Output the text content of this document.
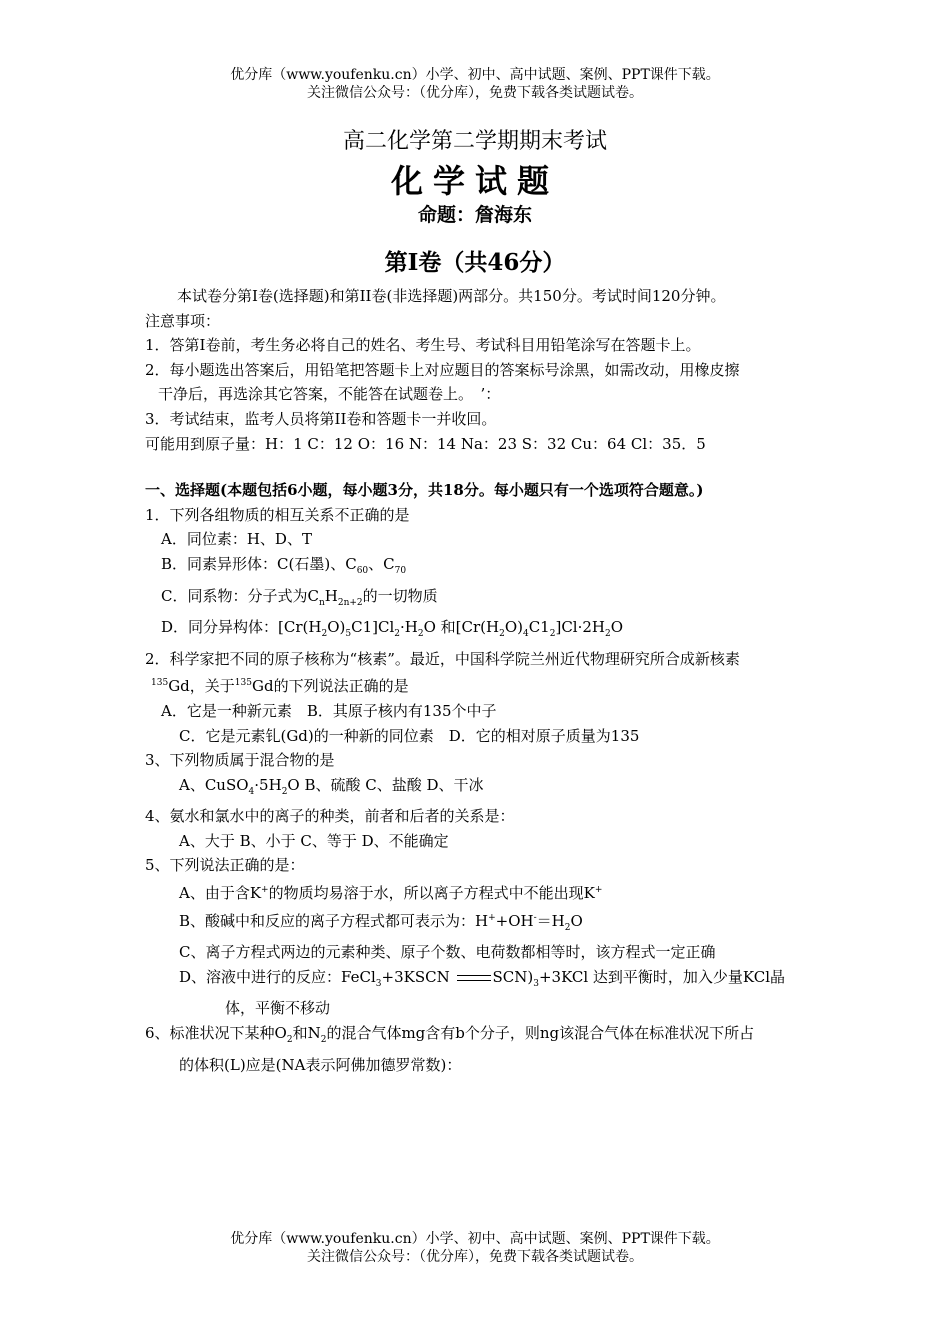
优分库（www.youfenku.cn）小学、初中、高中试题、案例、PPT课件下载。
关注微信公众号：（优分库），免费下载各类试题试卷。
高二化学第二学期期末考试
化学试题
命题：詹海东
第I卷（共46分）
本试卷分第I卷(选择题)和第II卷(非选择题)两部分。共150分。考试时间120分钟。
注意事项：
1．答第I卷前，考生务必将自己的姓名、考生号、考试科目用铅笔涂写在答题卡上。
2．每小题选出答案后，用铅笔把答题卡上对应题目的答案标号涂黑，如需改动，用橡皮擦
干净后，再选涂其它答案，不能答在试题卷上。　’：
3．考试结束，监考人员将第II卷和答题卡一并收回。
可能用到原子量：H：1 C：12 O：16 N：14 Na：23 S：32 Cu：64 Cl：35．5
一、选择题(本题包括6小题，每小题3分，共18分。每小题只有一个选项符合题意。)
1．下列各组物质的相互关系不正确的是
A．同位素：H、D、T
B．同素异形体：C(石墨)、$C_{60}$、$C_{70}$
C．同系物：分子式为$C_nH_{2n+2}$的一切物质
D．同分异构体：$[Cr(H_2O)_5C1]Cl_2\cdot H_2O$ 和$[Cr(H_2O)_4C1_2]Cl\cdot 2H_2O$
2．科学家把不同的原子核称为“核素”。最近，中国科学院兰州近代物理研究所合成新核素
$^{135}$Gd，关于$^{135}$Gd的下列说法正确的是
A．它是一种新元素　B．其原子核内有135个中子
C．它是元素钆(Gd)的一种新的同位素　D．它的相对原子质量为135
3、下列物质属于混合物的是
A、$CuSO_4\cdot 5H_2O$ B、硫酸 C、盐酸 D、干冰
4、氨水和氯水中的离子的种类，前者和后者的关系是：
A、大于 B、小于 C、等于 D、不能确定
5、下列说法正确的是：
A、由于含K+的物质均易溶于水，所以离子方程式中不能出现K+
B、酸碱中和反应的离子方程式都可表示为：$H^++OH^-=H_2O$
C、离子方程式两边的元素种类、原子个数、电荷数都相等时，该方程式一定正确
D、溶液中进行的反应：FeCl$_3$+3KSCN	$SCN)_3+3KCl$ 达到平衡时，加入少量KCl晶
体，平衡不移动
6、标准状况下某种$O_2$和$N_2$的混合气体mg含有b个分子，则ng该混合气体在标准状况下所占
的体积(L)应是(NA表示阿佛加德罗常数)：
优分库（www.youfenku.cn）小学、初中、高中试题、案例、PPT课件下载。
关注微信公众号：（优分库），免费下载各类试题试卷。
